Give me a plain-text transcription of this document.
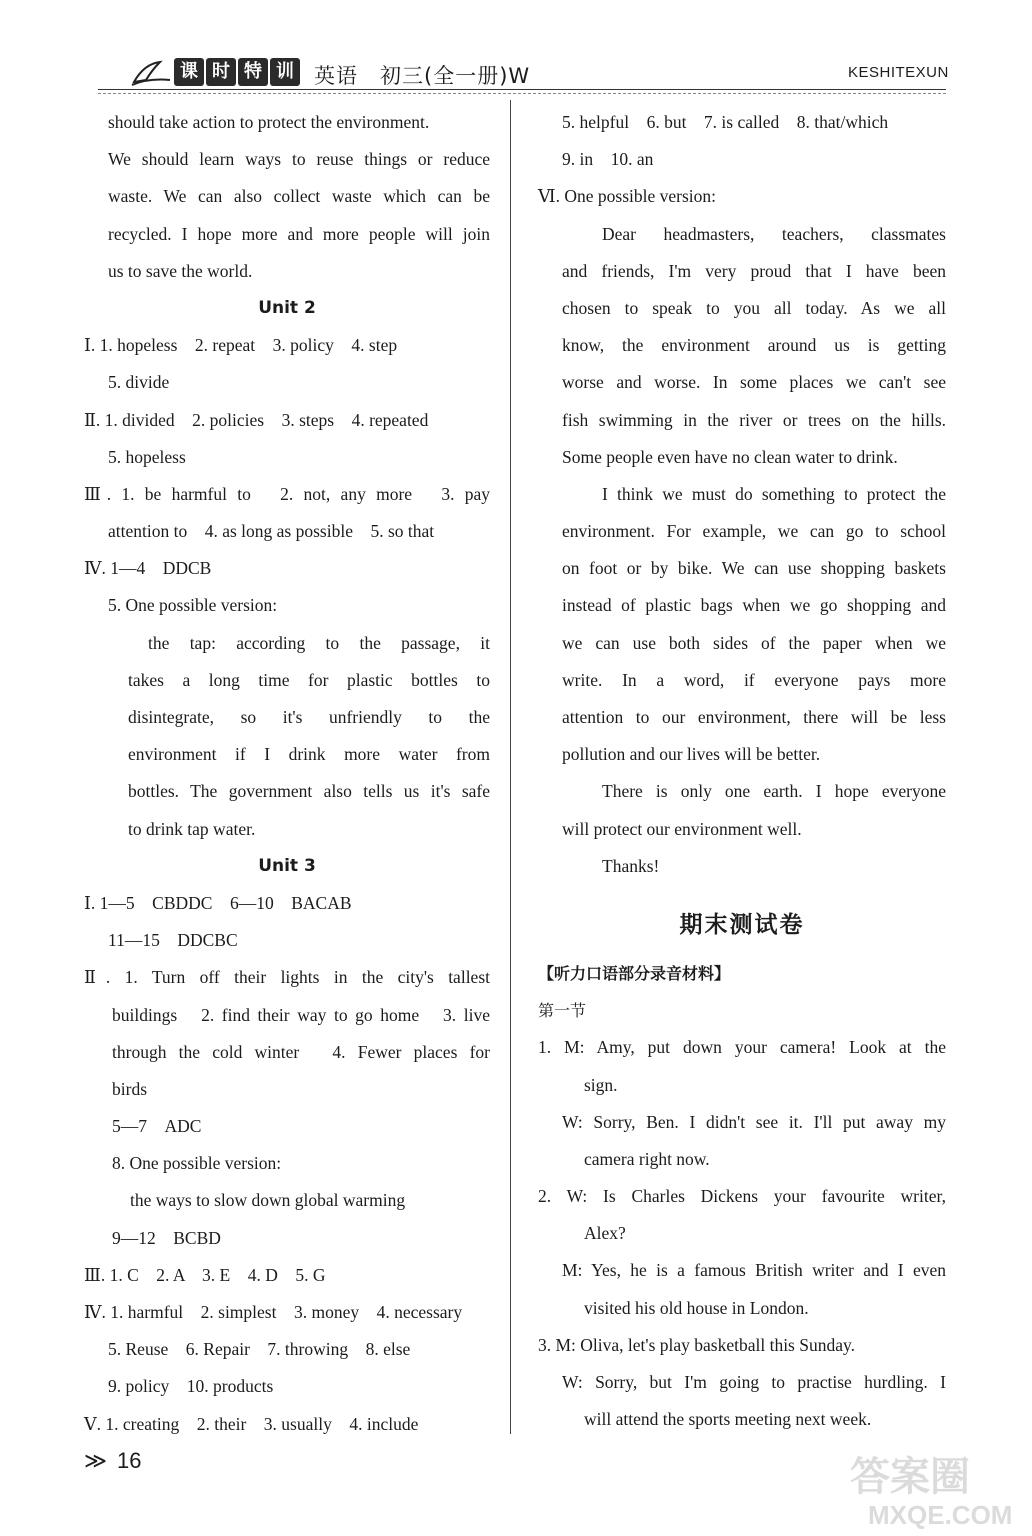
课 时 特 训 英语　初三(全一册)W	KESHITEXUN
should take action to protect the environment.
We should learn ways to reuse things or reduce
waste. We can also collect waste which can be
recycled. I hope more and more people will join
us to save the world.
Unit 2
Ⅰ. 1. hopeless　2. repeat　3. policy　4. step
5. divide
Ⅱ. 1. divided　2. policies　3. steps　4. repeated
5. hopeless
Ⅲ. 1. be harmful to　2. not, any more　3. pay
attention to　4. as long as possible　5. so that
Ⅳ. 1—4　DDCB
5. One possible version:
the tap: according to the passage, it
takes a long time for plastic bottles to
disintegrate, so it's unfriendly to the
environment if I drink more water from
bottles. The government also tells us it's safe
to drink tap water.
Unit 3
Ⅰ. 1—5　CBDDC　6—10　BACAB
11—15　DDCBC
Ⅱ. 1. Turn off their lights in the city's tallest
buildings　2. find their way to go home　3. live
through the cold winter　4. Fewer places for
birds
5—7　ADC
8. One possible version:
the ways to slow down global warming
9—12　BCBD
Ⅲ. 1. C　2. A　3. E　4. D　5. G
Ⅳ. 1. harmful　2. simplest　3. money　4. necessary
5. Reuse　6. Repair　7. throwing　8. else
9. policy　10. products
Ⅴ. 1. creating　2. their　3. usually　4. include
5. helpful　6. but　7. is called　8. that/which
9. in　10. an
Ⅵ. One possible version:
Dear headmasters, teachers, classmates
and friends, I'm very proud that I have been
chosen to speak to you all today. As we all
know, the environment around us is getting
worse and worse. In some places we can't see
fish swimming in the river or trees on the hills.
Some people even have no clean water to drink.
I think we must do something to protect the
environment. For example, we can go to school
on foot or by bike. We can use shopping baskets
instead of plastic bags when we go shopping and
we can use both sides of the paper when we
write. In a word, if everyone pays more
attention to our environment, there will be less
pollution and our lives will be better.
There is only one earth. I hope everyone
will protect our environment well.
Thanks!
期末测试卷
【听力口语部分录音材料】
第一节
1. M: Amy, put down your camera! Look at the
sign.
W: Sorry, Ben. I didn't see it. I'll put away my
camera right now.
2. W: Is Charles Dickens your favourite writer,
Alex?
M: Yes, he is a famous British writer and I even
visited his old house in London.
3. M: Oliva, let's play basketball this Sunday.
W: Sorry, but I'm going to practise hurdling. I
will attend the sports meeting next week.
≫ 16	答案圈
MXQE.COM
